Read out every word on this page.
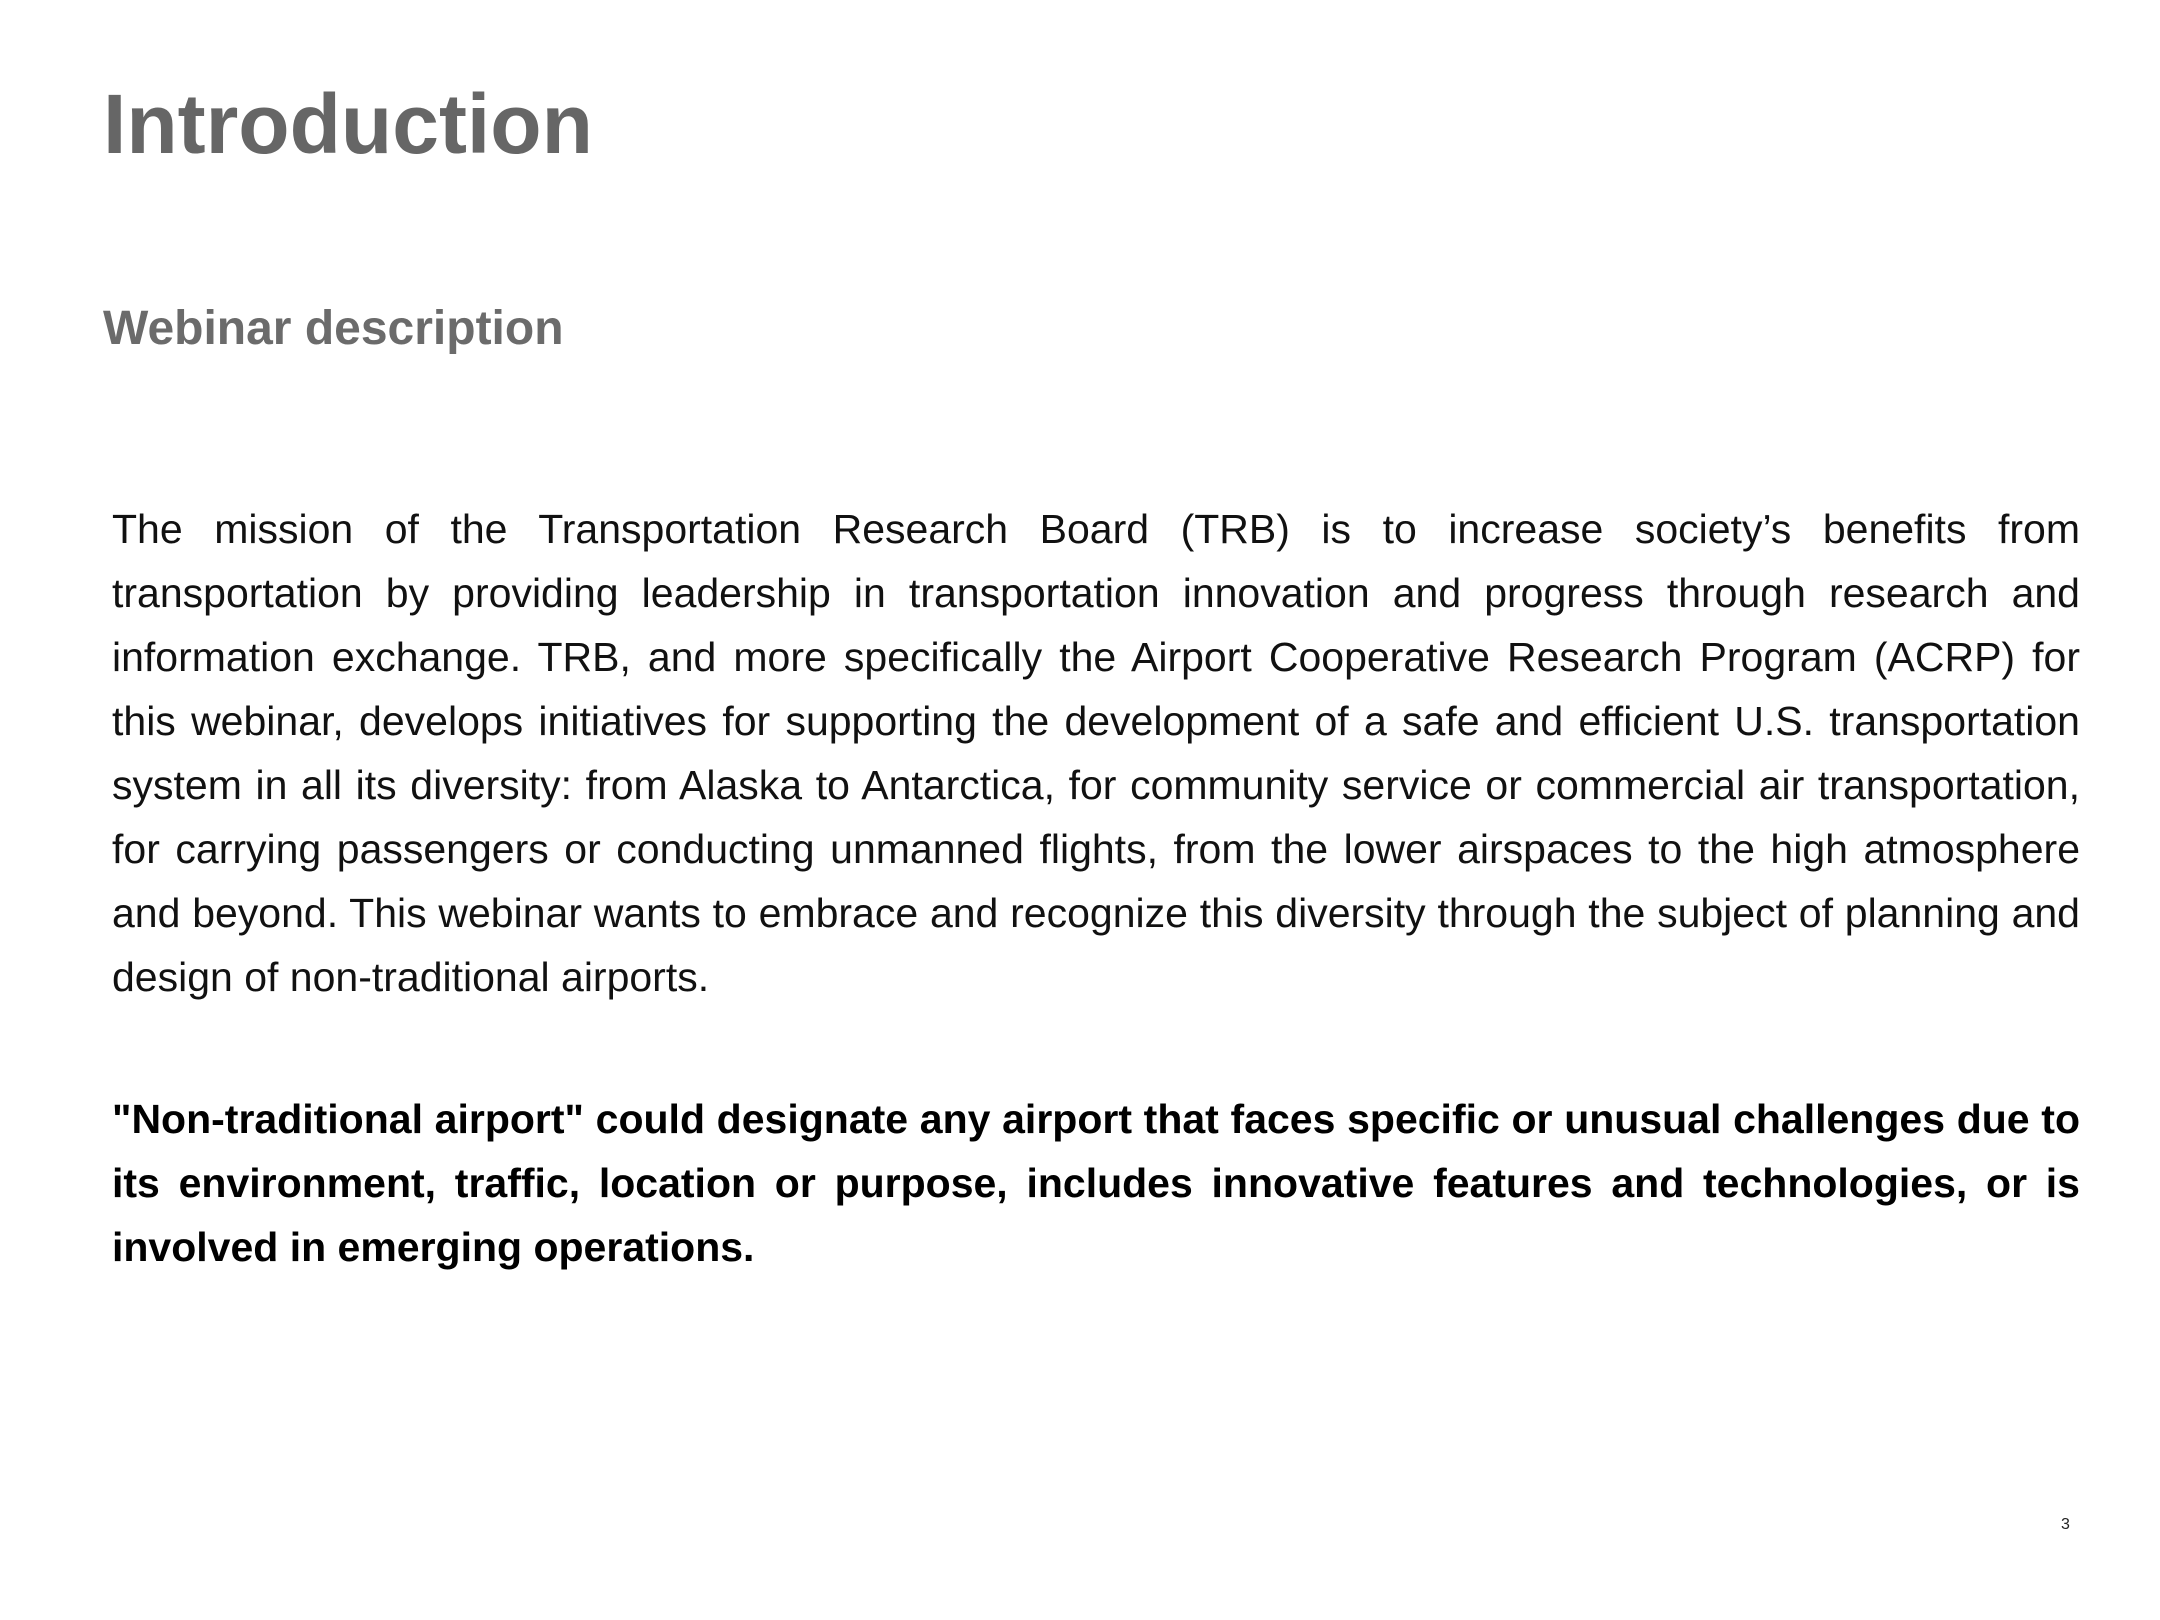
Introduction
Webinar description
The mission of the Transportation Research Board (TRB) is to increase society’s benefits from transportation by providing leadership in transportation innovation and progress through research and information exchange. TRB, and more specifically the Airport Cooperative Research Program (ACRP) for this webinar, develops initiatives for supporting the development of a safe and efficient U.S. transportation system in all its diversity: from Alaska to Antarctica, for community service or commercial air transportation, for carrying passengers or conducting unmanned flights, from the lower airspaces to the high atmosphere and beyond. This webinar wants to embrace and recognize this diversity through the subject of planning and design of non-traditional airports.
"Non-traditional airport" could designate any airport that faces specific or unusual challenges due to its environment, traffic, location or purpose, includes innovative features and technologies, or is involved in emerging operations.
3
